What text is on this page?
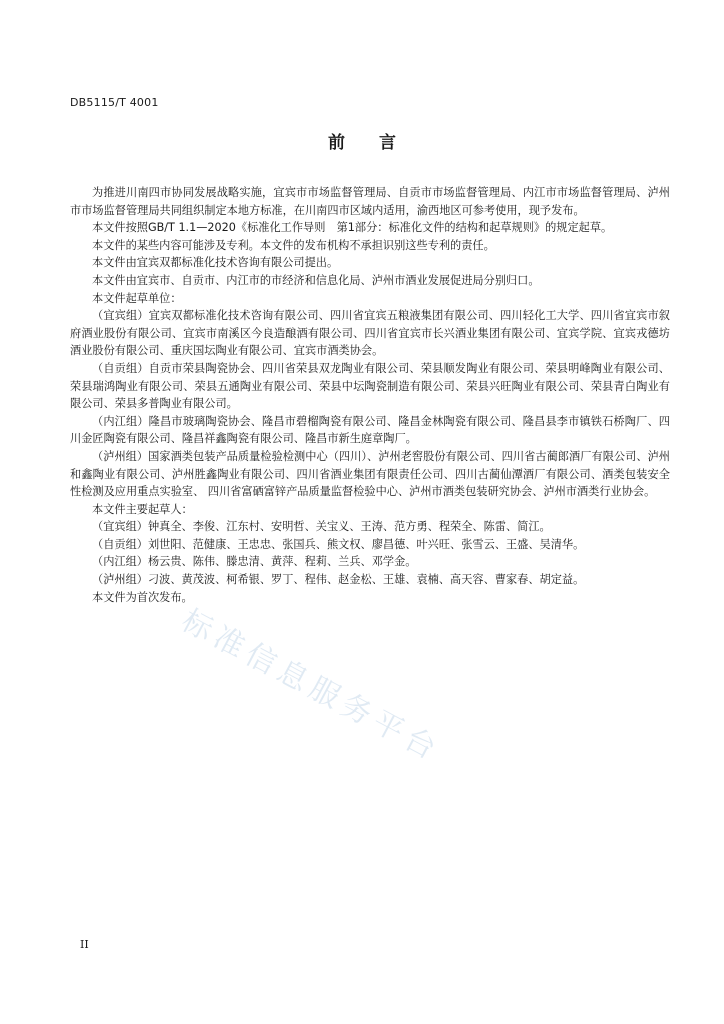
DB5115/T 4001
前言

为推进川南四市协同发展战略实施，宜宾市市场监督管理局、自贡市市场监督管理局、内江市市场监督管理局、泸州市市场监督管理局共同组织制定本地方标准，在川南四市区域内适用，渝西地区可参考使用，现予发布。

本文件按照GB/T 1.1—2020《标准化工作导则　第1部分：标准化文件的结构和起草规则》的规定起草。

本文件的某些内容可能涉及专利。本文件的发布机构不承担识别这些专利的责任。

本文件由宜宾双都标准化技术咨询有限公司提出。

本文件由宜宾市、自贡市、内江市的市经济和信息化局、泸州市酒业发展促进局分别归口。

本文件起草单位：

（宜宾组）宜宾双都标准化技术咨询有限公司、四川省宜宾五粮液集团有限公司、四川轻化工大学、四川省宜宾市叙府酒业股份有限公司、宜宾市南溪区今良造酿酒有限公司、四川省宜宾市长兴酒业集团有限公司、宜宾学院、宜宾戎德坊酒业股份有限公司、重庆国坛陶业有限公司、宜宾市酒类协会。

（自贡组）自贡市荣县陶瓷协会、四川省荣县双龙陶业有限公司、荣县顺发陶业有限公司、荣县明峰陶业有限公司、荣县瑞鸿陶业有限公司、荣县五通陶业有限公司、荣县中坛陶瓷制造有限公司、荣县兴旺陶业有限公司、荣县青白陶业有限公司、荣县多普陶业有限公司。

（内江组）隆昌市玻璃陶瓷协会、隆昌市碧榴陶瓷有限公司、隆昌金林陶瓷有限公司、隆昌县李市镇铁石桥陶厂、四川金匠陶瓷有限公司、隆昌祥鑫陶瓷有限公司、隆昌市新生庭章陶厂。

（泸州组）国家酒类包装产品质量检验检测中心（四川）、泸州老窖股份有限公司、四川省古蔺郎酒厂有限公司、泸州和鑫陶业有限公司、泸州胜鑫陶业有限公司、四川省酒业集团有限责任公司、四川古蔺仙潭酒厂有限公司、酒类包装安全性检测及应用重点实验室、 四川省富硒富锌产品质量监督检验中心、泸州市酒类包装研究协会、泸州市酒类行业协会。

本文件主要起草人：

（宜宾组）钟真全、李俊、江东村、安明哲、关宝义、王涛、范方勇、程荣全、陈雷、简江。

（自贡组）刘世阳、范健康、王忠忠、张国兵、熊文权、廖昌德、叶兴旺、张雪云、王盛、吴清华。

（内江组）杨云贵、陈伟、滕忠清、黄萍、程莉、兰兵、邓学金。

（泸州组）刁波、黄茂波、柯希银、罗丁、程伟、赵金松、王雄、袁楠、高天容、曹家春、胡定益。

本文件为首次发布。

标准信息服务平台
II
